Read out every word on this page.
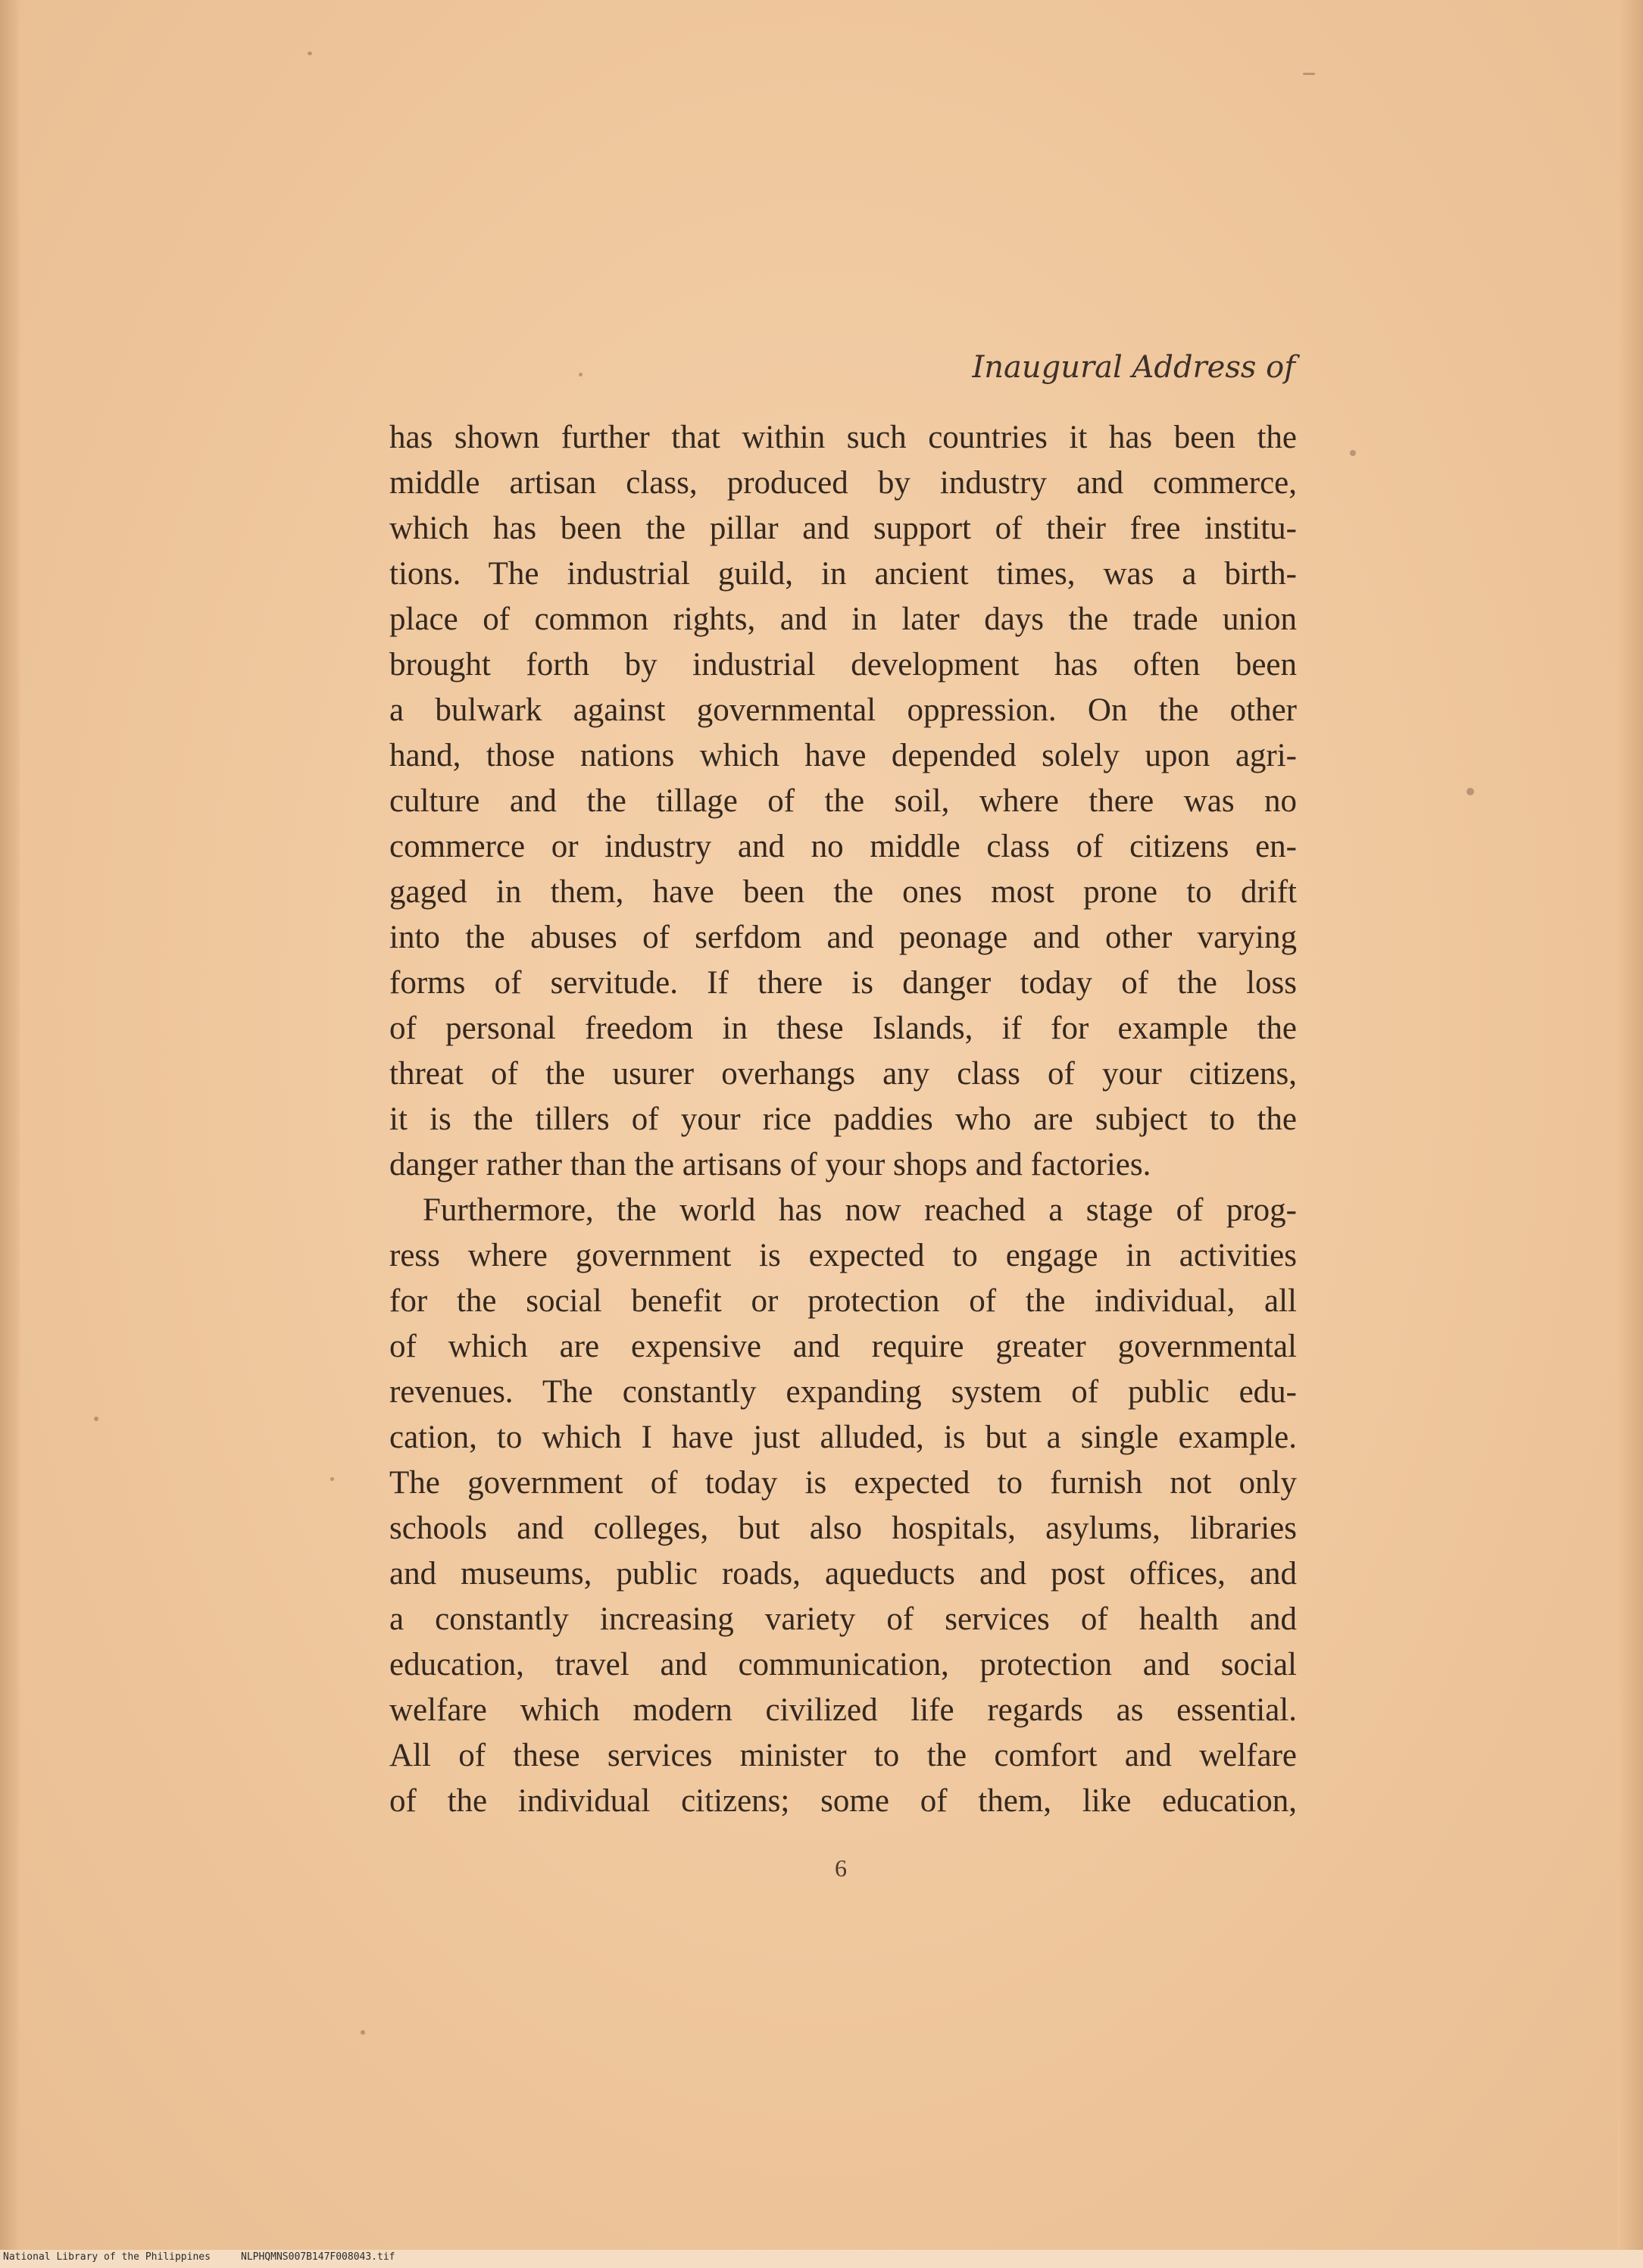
Inaugural Address of
has shown further that within such countries it has been the
middle artisan class, produced by industry and commerce,
which has been the pillar and support of their free institu-
tions. The industrial guild, in ancient times, was a birth-
place of common rights, and in later days the trade union
brought forth by industrial development has often been
a bulwark against governmental oppression. On the other
hand, those nations which have depended solely upon agri-
culture and the tillage of the soil, where there was no
commerce or industry and no middle class of citizens en-
gaged in them, have been the ones most prone to drift
into the abuses of serfdom and peonage and other varying
forms of servitude. If there is danger today of the loss
of personal freedom in these Islands, if for example the
threat of the usurer overhangs any class of your citizens,
it is the tillers of your rice paddies who are subject to the
danger rather than the artisans of your shops and factories.
Furthermore, the world has now reached a stage of prog-
ress where government is expected to engage in activities
for the social benefit or protection of the individual, all
of which are expensive and require greater governmental
revenues. The constantly expanding system of public edu-
cation, to which I have just alluded, is but a single example.
The government of today is expected to furnish not only
schools and colleges, but also hospitals, asylums, libraries
and museums, public roads, aqueducts and post offices, and
a constantly increasing variety of services of health and
education, travel and communication, protection and social
welfare which modern civilized life regards as essential.
All of these services minister to the comfort and welfare
of the individual citizens; some of them, like education,
6
National Library of the Philippines	NLPHQMNS007B147F008043.tif
